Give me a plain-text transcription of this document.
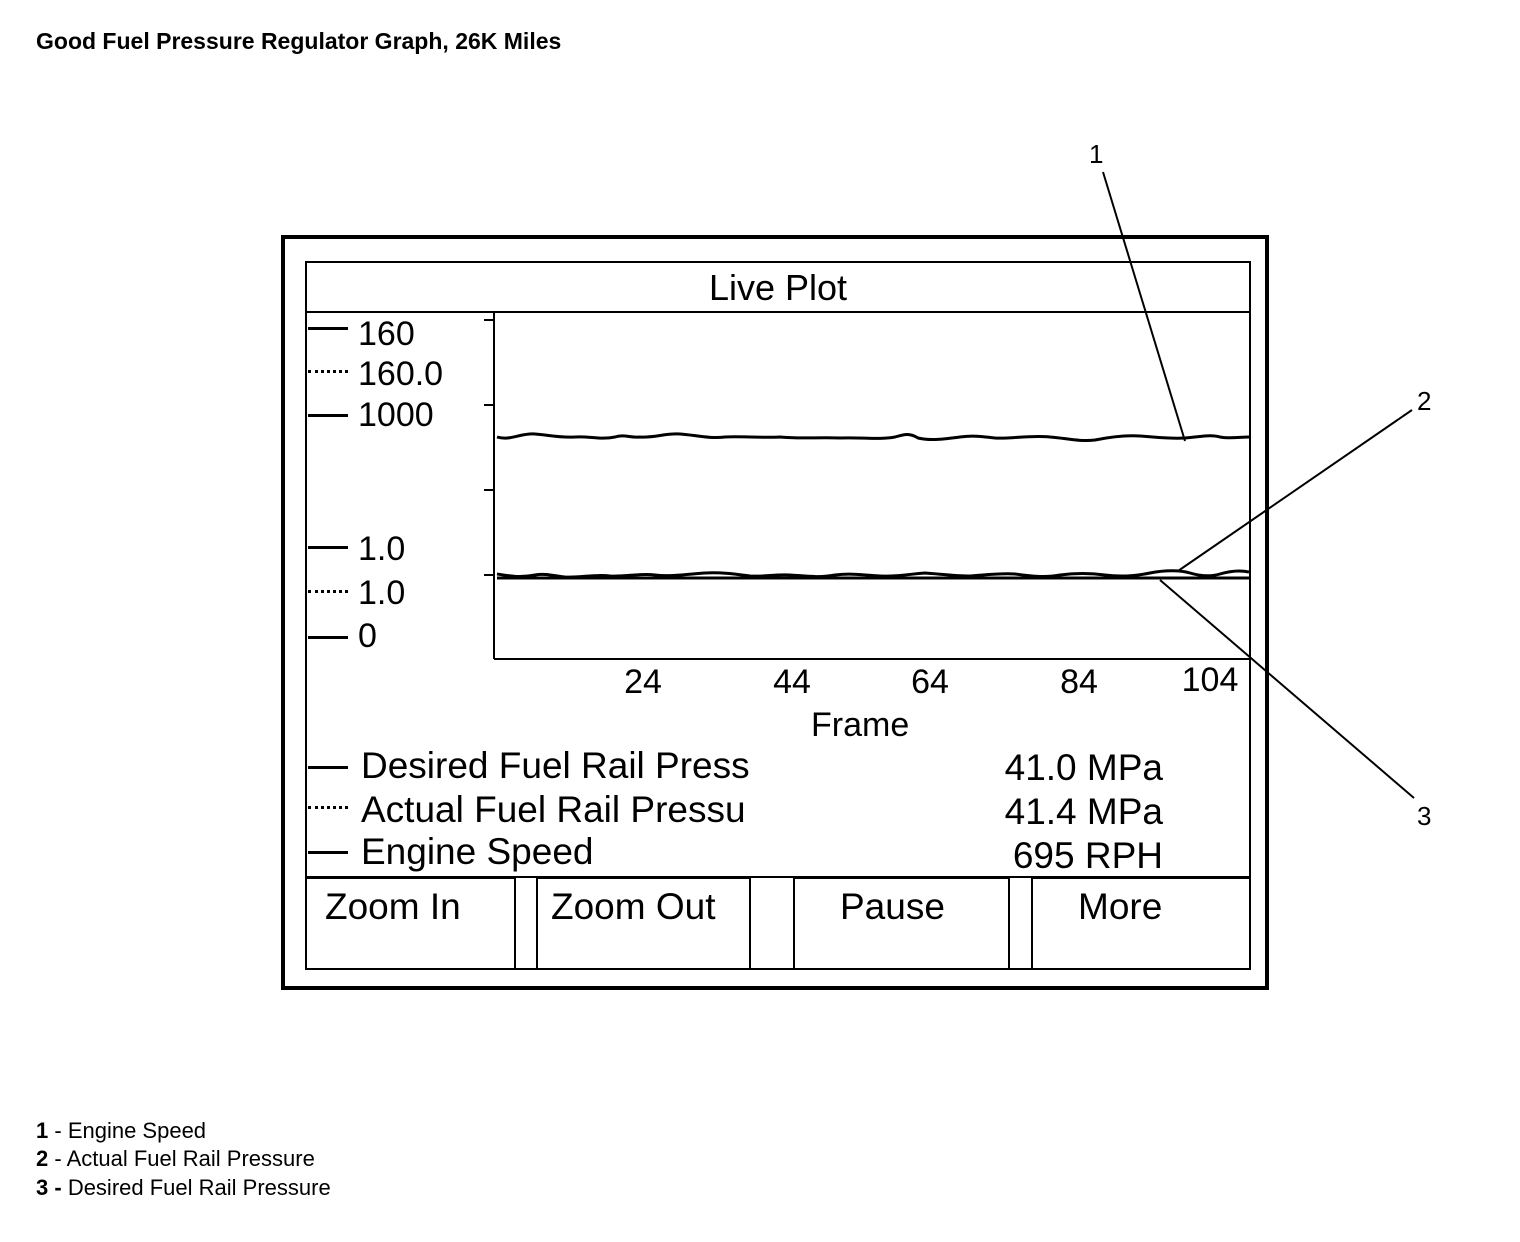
Good Fuel Pressure Regulator Graph, 26K Miles
Live Plot
160
160.0
1000
1.0
1.0
0
24	44	64	84	104
Frame
Desired Fuel Rail Press	41.0 MPa
Actual Fuel Rail Pressu	41.4 MPa
Engine Speed	695 RPH
Zoom In	Zoom Out	Pause	More
1
2
3
1 - Engine Speed
2 - Actual Fuel Rail Pressure
3 - Desired Fuel Rail Pressure
